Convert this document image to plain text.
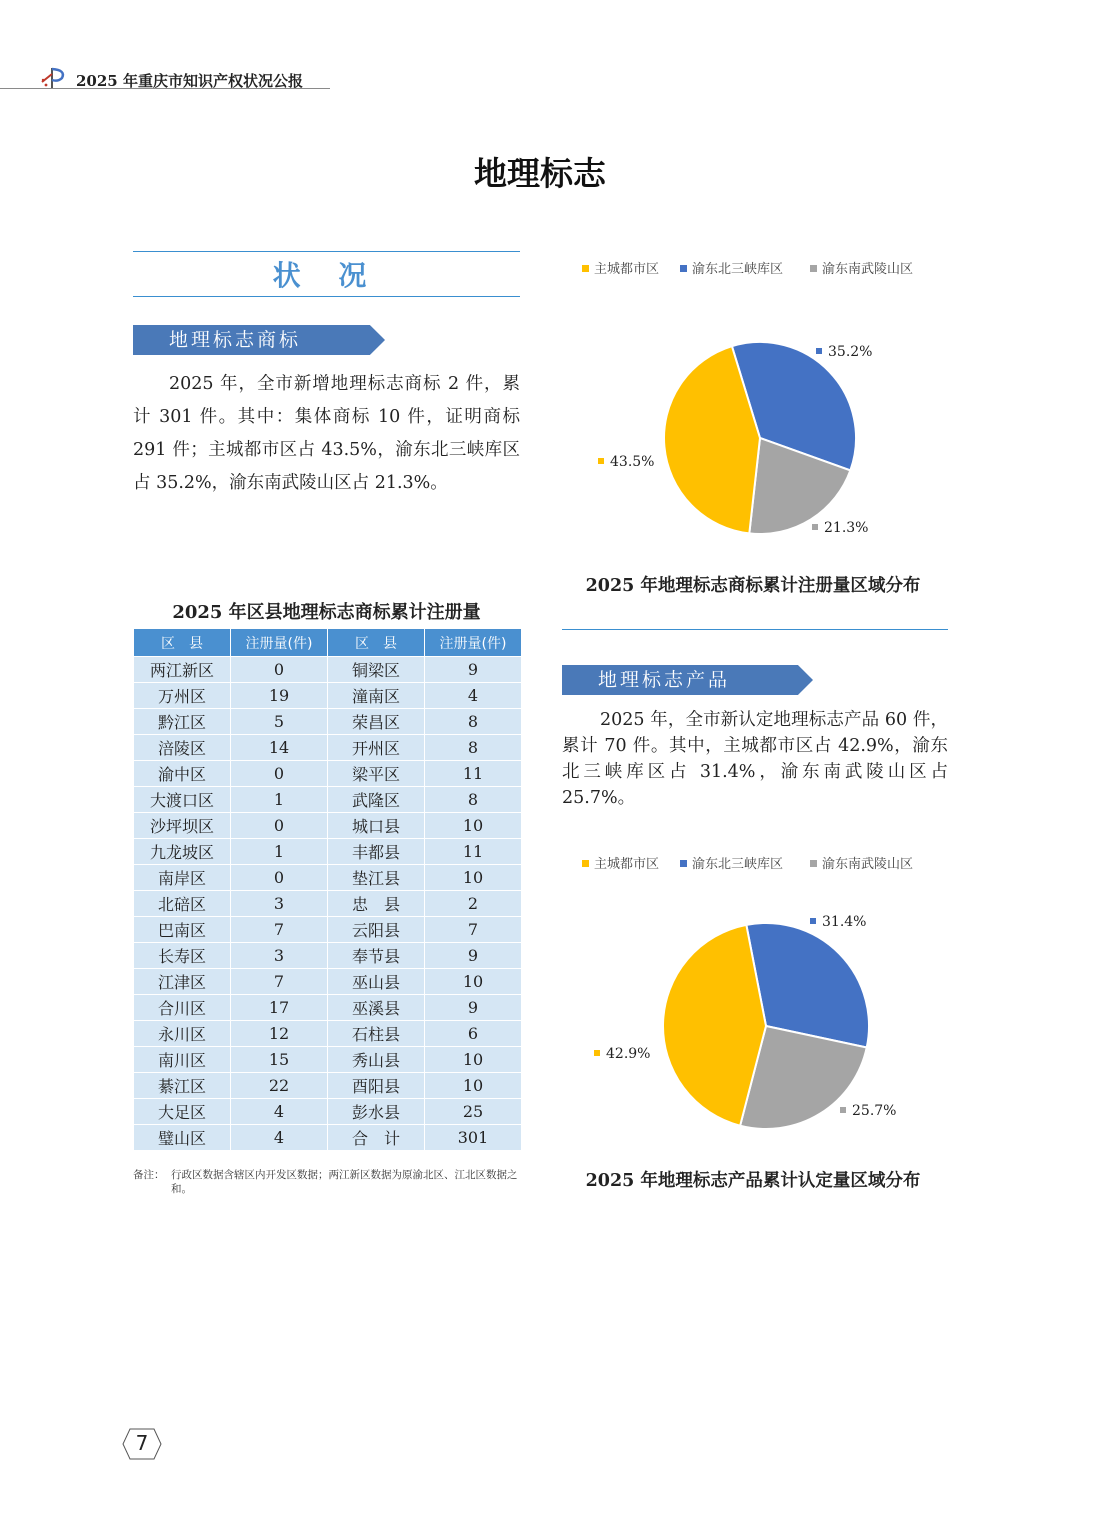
2025 年重庆市知识产权状况公报
地理标志
状 况
地理标志商标
2025 年，全市新增地理标志商标 2 件，累计 301 件。其中：集体商标 10 件，证明商标 291 件；主城都市区占 43.5%，渝东北三峡库区占 35.2%，渝东南武陵山区占 21.3%。
2025 年区县地理标志商标累计注册量
区　县	注册量(件)	区　县	注册量(件)
两江新区	0	铜梁区	9
万州区	19	潼南区	4
黔江区	5	荣昌区	8
涪陵区	14	开州区	8
渝中区	0	梁平区	11
大渡口区	1	武隆区	8
沙坪坝区	0	城口县	10
九龙坡区	1	丰都县	11
南岸区	0	垫江县	10
北碚区	3	忠　县	2
巴南区	7	云阳县	7
长寿区	3	奉节县	9
江津区	7	巫山县	10
合川区	17	巫溪县	9
永川区	12	石柱县	6
南川区	15	秀山县	10
綦江区	22	酉阳县	10
大足区	4	彭水县	25
璧山区	4	合　计	301
备注： 行政区数据含辖区内开发区数据；两江新区数据为原渝北区、江北区数据之和。
主城都市区	渝东北三峡库区	渝东南武陵山区
43.5%
35.2%
21.3%
2025 年地理标志商标累计注册量区域分布
地理标志产品
2025 年，全市新认定地理标志产品 60 件，累计 70 件。其中，主城都市区占 42.9%，渝东北三峡库区占 31.4%，渝东南武陵山区占 25.7%。
主城都市区	渝东北三峡库区	渝东南武陵山区
42.9%
31.4%
25.7%
2025 年地理标志产品累计认定量区域分布
7
